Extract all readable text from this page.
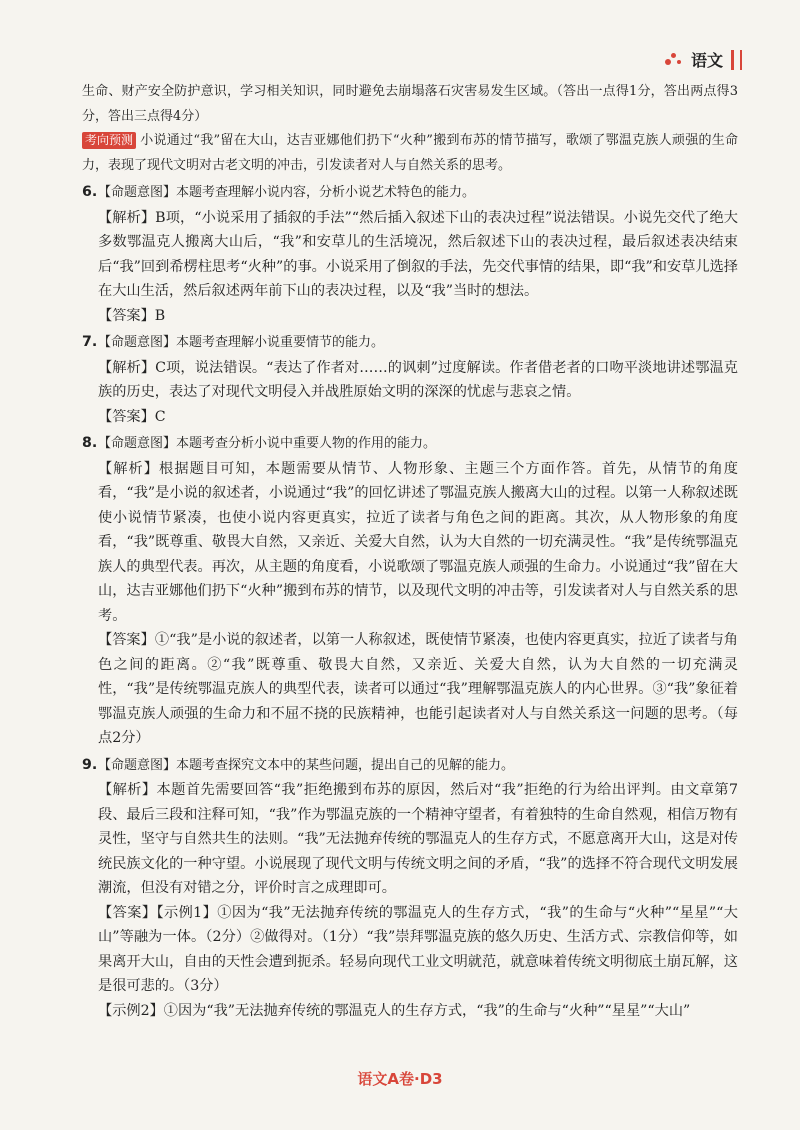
语文

生命、财产安全防护意识，学习相关知识，同时避免去崩塌落石灾害易发生区域。（答出一点得1分，答出两点得3分，答出三点得4分）

考向预测 小说通过“我”留在大山，达吉亚娜他们扔下“火种”搬到布苏的情节描写，歌颂了鄂温克族人顽强的生命力，表现了现代文明对古老文明的冲击，引发读者对人与自然关系的思考。

6.【命题意图】本题考查理解小说内容，分析小说艺术特色的能力。

【解析】B项，“小说采用了插叙的手法”“然后插入叙述下山的表决过程”说法错误。小说先交代了绝大多数鄂温克人搬离大山后，“我”和安草儿的生活境况，然后叙述下山的表决过程，最后叙述表决结束后“我”回到希楞柱思考“火种”的事。小说采用了倒叙的手法，先交代事情的结果，即“我”和安草儿选择在大山生活，然后叙述两年前下山的表决过程，以及“我”当时的想法。

【答案】B

7.【命题意图】本题考查理解小说重要情节的能力。

【解析】C项，说法错误。“表达了作者对……的讽刺”过度解读。作者借老者的口吻平淡地讲述鄂温克族的历史，表达了对现代文明侵入并战胜原始文明的深深的忧虑与悲哀之情。

【答案】C

8.【命题意图】本题考查分析小说中重要人物的作用的能力。

【解析】根据题目可知，本题需要从情节、人物形象、主题三个方面作答。首先，从情节的角度看，“我”是小说的叙述者，小说通过“我”的回忆讲述了鄂温克族人搬离大山的过程。以第一人称叙述既使小说情节紧凑，也使小说内容更真实，拉近了读者与角色之间的距离。其次，从人物形象的角度看，“我”既尊重、敬畏大自然，又亲近、关爱大自然，认为大自然的一切充满灵性。“我”是传统鄂温克族人的典型代表。再次，从主题的角度看，小说歌颂了鄂温克族人顽强的生命力。小说通过“我”留在大山，达吉亚娜他们扔下“火种”搬到布苏的情节，以及现代文明的冲击等，引发读者对人与自然关系的思考。

【答案】①“我”是小说的叙述者，以第一人称叙述，既使情节紧凑，也使内容更真实，拉近了读者与角色之间的距离。②“我”既尊重、敬畏大自然，又亲近、关爱大自然，认为大自然的一切充满灵性，“我”是传统鄂温克族人的典型代表，读者可以通过“我”理解鄂温克族人的内心世界。③“我”象征着鄂温克族人顽强的生命力和不屈不挠的民族精神，也能引起读者对人与自然关系这一问题的思考。（每点2分）

9.【命题意图】本题考查探究文本中的某些问题，提出自己的见解的能力。

【解析】本题首先需要回答“我”拒绝搬到布苏的原因，然后对“我”拒绝的行为给出评判。由文章第7段、最后三段和注释可知，“我”作为鄂温克族的一个精神守望者，有着独特的生命自然观，相信万物有灵性，坚守与自然共生的法则。“我”无法抛弃传统的鄂温克人的生存方式，不愿意离开大山，这是对传统民族文化的一种守望。小说展现了现代文明与传统文明之间的矛盾，“我”的选择不符合现代文明发展潮流，但没有对错之分，评价时言之成理即可。

【答案】【示例1】①因为“我”无法抛弃传统的鄂温克人的生存方式，“我”的生命与“火种”“星星”“大山”等融为一体。（2分）②做得对。（1分）“我”崇拜鄂温克族的悠久历史、生活方式、宗教信仰等，如果离开大山，自由的天性会遭到扼杀。轻易向现代工业文明就范，就意味着传统文明彻底土崩瓦解，这是很可悲的。（3分）

【示例2】①因为“我”无法抛弃传统的鄂温克人的生存方式，“我”的生命与“火种”“星星”“大山”

语文A卷·D3
